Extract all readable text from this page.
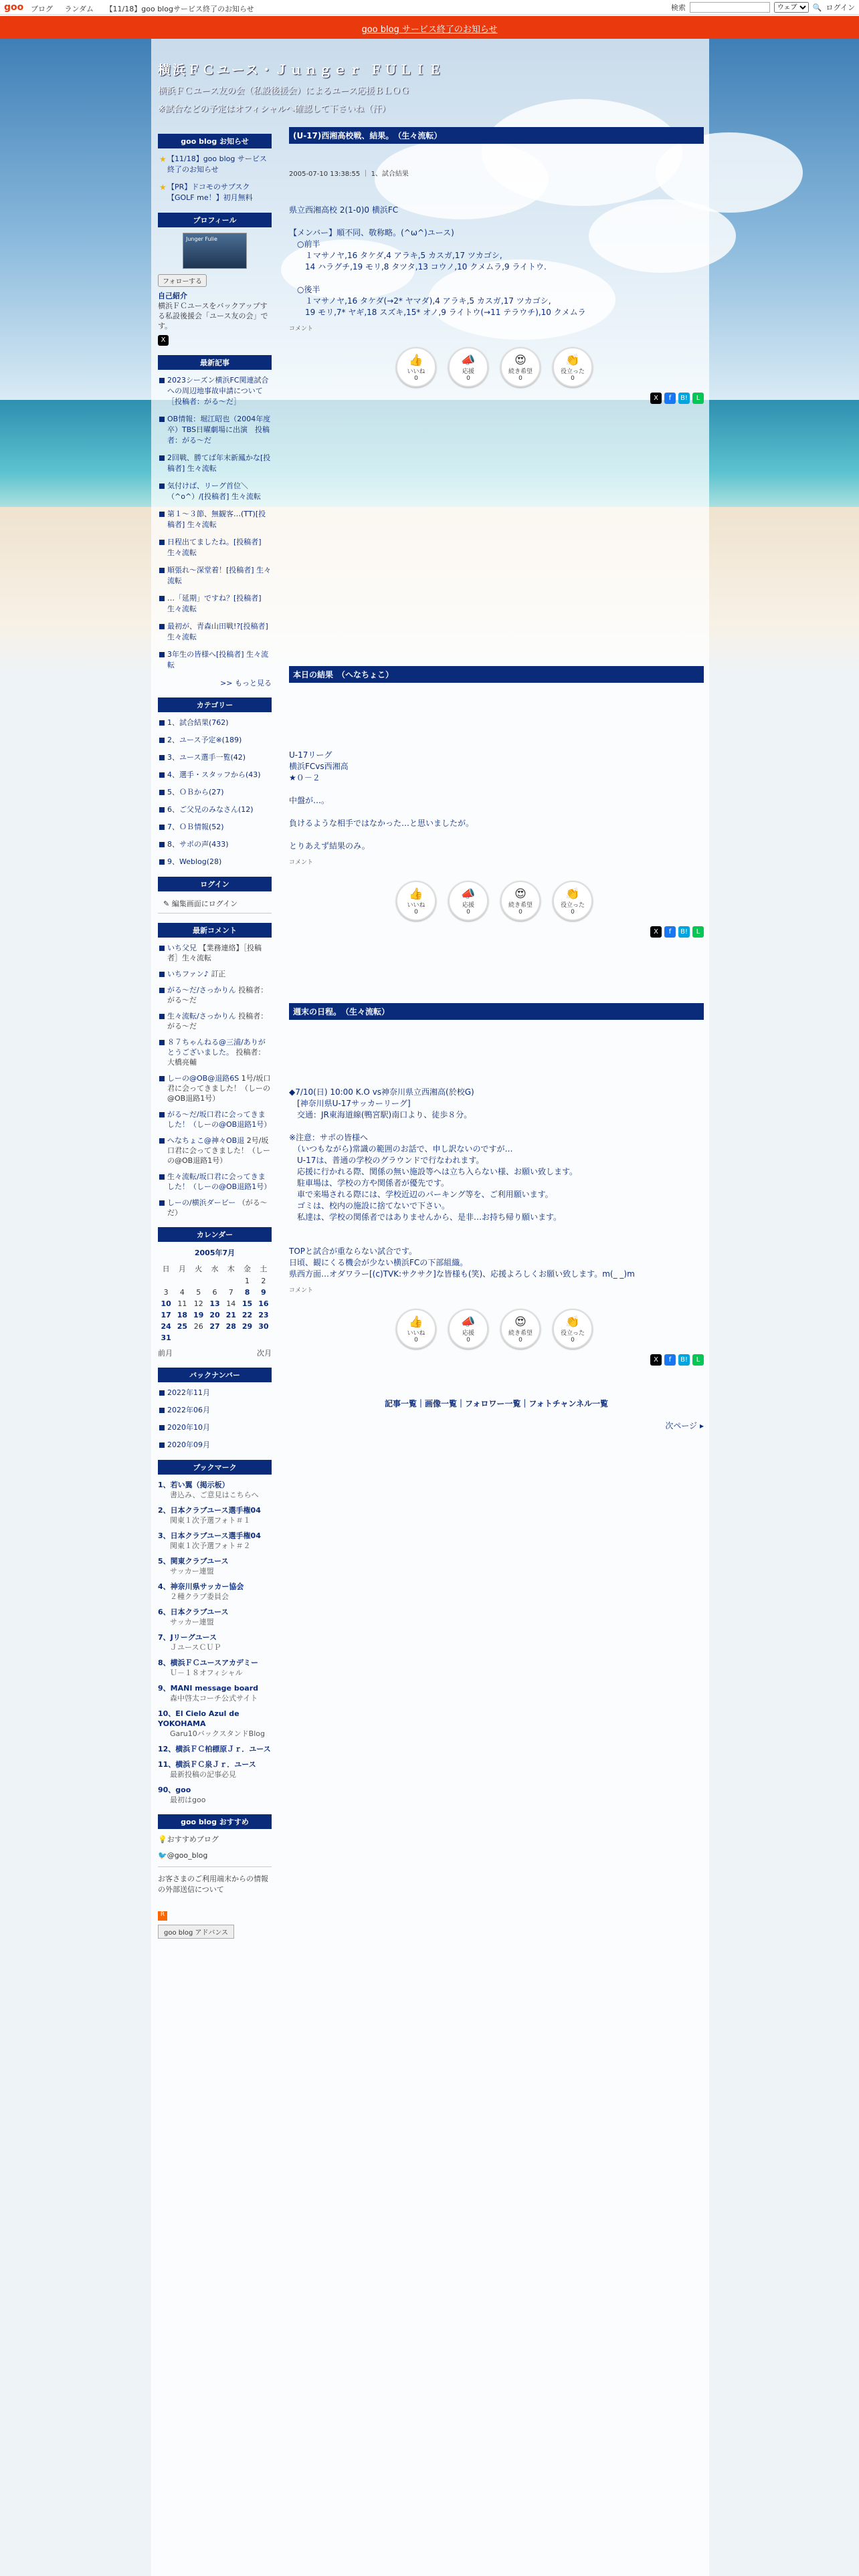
goo ブログ ランダム 【11/18】goo blogサービス終了のお知らせ	検索
ウェブ	🔍 ログイン
goo blog サービス終了のお知らせ
横浜ＦＣユース・Ｊｕｎｇｅｒ ＦＵＬＩＥ
横浜ＦＣユース友の会（私設後援会）によるユース応援ＢＬＯＧ
※試合などの予定はオフィシャルへ確認して下さいね（汗）
goo blog お知らせ
★ 【11/18】goo blog サービス終了のお知らせ
★ 【PR】ドコモのサブスク【GOLF me！】初月無料
プロフィール
Junger Fulie
フォローする
自己紹介
横浜ＦＣユースをバックアップする私設後援会「ユース友の会」です。
X
最新記事
2023シーズン横浜FC関連試合への周辺地事故申請について［投稿者：がる～だ］
OB情報：堀江昭也（2004年度卒）TBS日曜劇場に出演　投稿者：がる～だ
2回戦、勝てば年末新鳳かな[投稿者] 生々流転
気付けば、リーグ首位＼（^o^）/[投稿者] 生々流転
第１～３節、無観客…(TT)[投稿者] 生々流転
日程出てましたね。[投稿者] 生々流転
順張れ～深堂着！[投稿者] 生々流転
…「延期」ですね？[投稿者] 生々流転
最初が、青森山田戦!?[投稿者] 生々流転
3年生の皆様へ[投稿者] 生々流転
>> もっと見る
カテゴリー
1、試合結果(762)
2、ユース予定※(189)
3、ユース選手一覧(42)
4、選手・スタッフから(43)
5、ＯＢから(27)
6、ご父兄のみなさん(12)
7、ＯＢ情報(52)
8、サポの声(433)
9、Weblog(28)
ログイン
✎ 編集画面にログイン
最新コメント
いち父兄 【業務連絡】［投稿者］生々流転
いちファン♪ 訂正
がる～だ/さっかりん 投稿者：がる～だ
生々流転/さっかりん 投稿者：がる～だ
８７ちゃんねる@三浦/ありがとうございました。 投稿者：大橋亮輔
しーの@OB@退路6S 1号/坂口君に会ってきました！（しーの@OB退路1号）
がる～だ/坂口君に会ってきました！（しーの@OB退路1号）
へなちょこ@神々OB退 2号/坂口君に会ってきました！（しーの@OB退路1号）
生々流転/坂口君に会ってきました！（しーの@OB退路1号）
しーの/横浜ダービー （がる～だ）
カレンダー
2005年7月
日	月	火	水	木	金	土
					1	2
3	4	5	6	7	8	9
10	11	12	13	14	15	16
17	18	19	20	21	22	23
24	25	26	27	28	29	30
31						
前月	次月
バックナンバー
2022年11月
2022年06月
2020年10月
2020年09月
ブックマーク
1、若い翼（掲示板）
書込み、ご意見はこちらへ
2、日本クラブユース選手権04
関東１次予選フォト＃１
3、日本クラブユース選手権04
関東１次予選フォト＃２
5、関東クラブユース
サッカー連盟
4、神奈川県サッカー協会
２種クラブ委員会
6、日本クラブユース
サッカー連盟
7、Jリーグユース
ＪユースＣＵＰ
8、横浜ＦＣユースアカデミー
Ｕ－１８オフィシャル
9、MANI message board
森中啓太コーチ公式サイト
10、El Cielo Azul de YOKOHAMA
Garu10バックスタンドBlog
12、横浜ＦＣ柏標原Ｊｒ．ユース
11、横浜ＦＣ泉Ｊｒ．ユース
最新投稿の記事必見
90、goo
最初はgoo
goo blog おすすめ
💡おすすめブログ
🐦@goo_blog
お客さまのご利用端末からの情報の外部送信について
R
goo blog アドバンス
(U-17)西湘高校戦、結果。　（生々流転）
2005-07-10 13:38:55 ｜ 1、試合結果
県立西湘高校 2(1-0)0 横浜FC

【メンバー】順不同、敬称略。(^ω^)ユース)
　○前半
　　１マサノヤ,16 タケダ,4 アラキ,5 カスガ,17 ツカゴシ,
　　14 ハラグチ,19 モリ,8 タツタ,13 コウノ,10 クメムラ,9 ライトウ.

　○後半
　　１マサノヤ,16 タケダ(→2* ヤマダ),4 アラキ,5 カスガ,17 ツカゴシ,
　　19 モリ,7* ヤギ,18 スズキ,15* オノ,9 ライトウ(→11 テラウチ),10 クメムラ
コメント
👍
いいね
0
📣
応援
0
😍
続き希望
0
👏
役立った
0
X	f	B!	L
本日の結果　（へなちょこ）
U-17リーグ
横浜FCvs西湘高
★０－２

中盤が…。

負けるような相手ではなかった…と思いましたが。

とりあえず結果のみ。
コメント
👍
いいね
0
📣
応援
0
😍
続き希望
0
👏
役立った
0
X	f	B!	L
週末の日程。　（生々流転）
◆7/10(日) 10:00 K.O vs神奈川県立西湘高(於校G)
　[神奈川県U-17サッカーリーグ]
　交通：JR東海道線(鴨宮駅)南口より、徒歩８分。

※注意：サポの皆様へ
　（いつもながら)常識の範囲のお話で、申し訳ないのですが…
　U-17は、普通の学校のグラウンドで行なわれます。
　応援に行かれる際、関係の無い施設等へは立ち入らない様、お願い致します。
　駐車場は、学校の方や関係者が優先です。
　車で来場される際には、学校近辺のパーキング等を、ご利用願います。
　ゴミは、校内の施設に捨てないで下さい。
　私達は、学校の関係者ではありませんから、是非…お持ち帰り願います。

TOPと試合が重ならない試合です。
日頃、観にくる機会が少ない横浜FCの下部組織。
県西方面…オダワラー[(c)TVK:サクサク]な皆様も(笑)、応援よろしくお願い致します。m(_ _)m
コメント
👍
いいね
0
📣
応援
0
😍
続き希望
0
👏
役立った
0
X	f	B!	L
記事一覧｜画像一覧｜フォロワー一覧｜フォトチャンネル一覧
次ページ ▸
